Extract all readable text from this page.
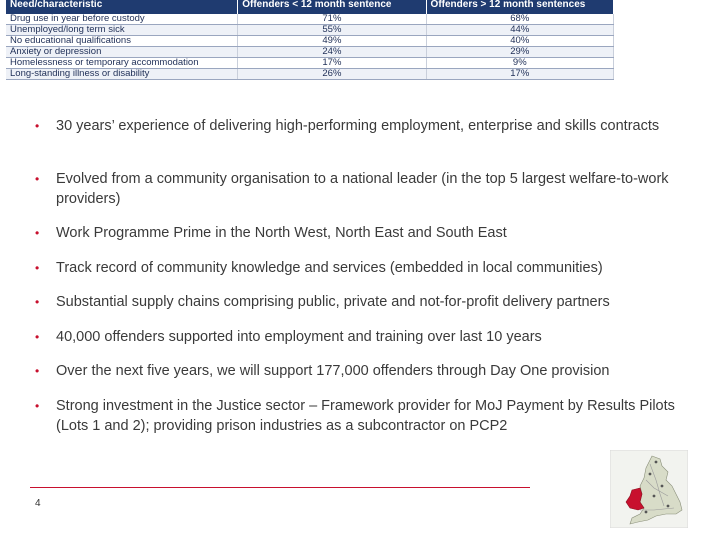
Need/characteristic	Offenders < 12 month sentence	Offenders > 12 month sentences
Drug use in year before custody	71%	68%
Unemployed/long term sick	55%	44%
No educational qualifications	49%	40%
Anxiety or depression	24%	29%
Homelessness or temporary accommodation	17%	9%
Long-standing illness or disability	26%	17%
• 30 years’ experience of delivering high-performing employment, enterprise and skills contracts
• Evolved from a community organisation to a national leader (in the top 5 largest welfare-to-work providers)
• Work Programme Prime in the North West, North East and South East
• Track record of community knowledge and services (embedded in local communities)
• Substantial supply chains comprising public, private and not-for-profit delivery partners
• 40,000 offenders supported into employment and training over last 10 years
• Over the next five years, we will support 177,000 offenders through Day One provision
• Strong investment in the Justice sector – Framework provider for MoJ Payment by Results Pilots (Lots 1 and 2); providing prison industries as a subcontractor on PCP2
4
